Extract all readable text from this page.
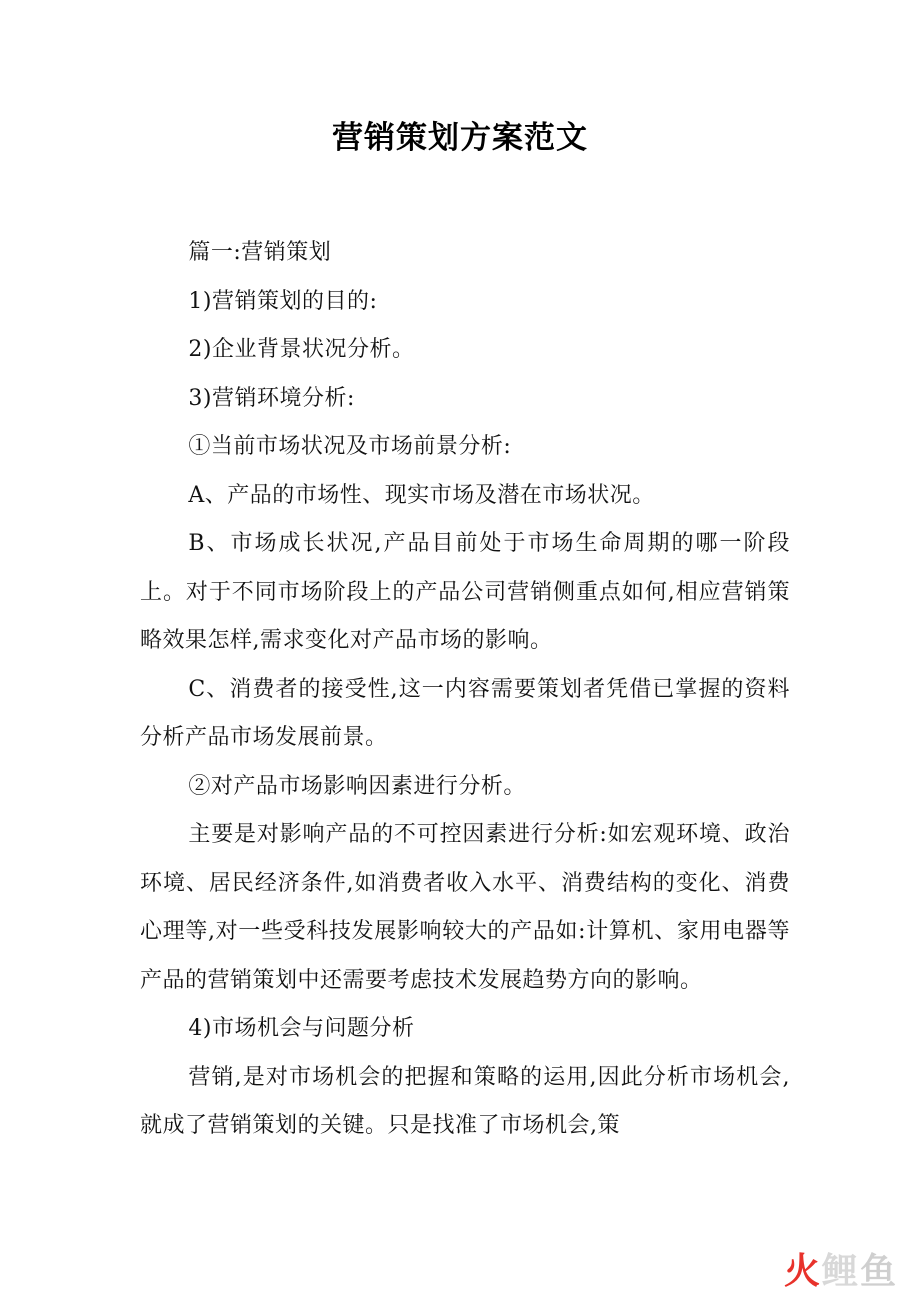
营销策划方案范文

篇一:营销策划

1)营销策划的目的:

2)企业背景状况分析。

3)营销环境分析:

①当前市场状况及市场前景分析:

A、产品的市场性、现实市场及潜在市场状况。

B、市场成长状况,产品目前处于市场生命周期的哪一阶段上。对于不同市场阶段上的产品公司营销侧重点如何,相应营销策略效果怎样,需求变化对产品市场的影响。

C、消费者的接受性,这一内容需要策划者凭借已掌握的资料分析产品市场发展前景。

②对产品市场影响因素进行分析。

主要是对影响产品的不可控因素进行分析:如宏观环境、政治环境、居民经济条件,如消费者收入水平、消费结构的变化、消费心理等,对一些受科技发展影响较大的产品如:计算机、家用电器等产品的营销策划中还需要考虑技术发展趋势方向的影响。

4)市场机会与问题分析

营销,是对市场机会的把握和策略的运用,因此分析市场机会,就成了营销策划的关键。只是找准了市场机会,策

火 鲤 鱼
